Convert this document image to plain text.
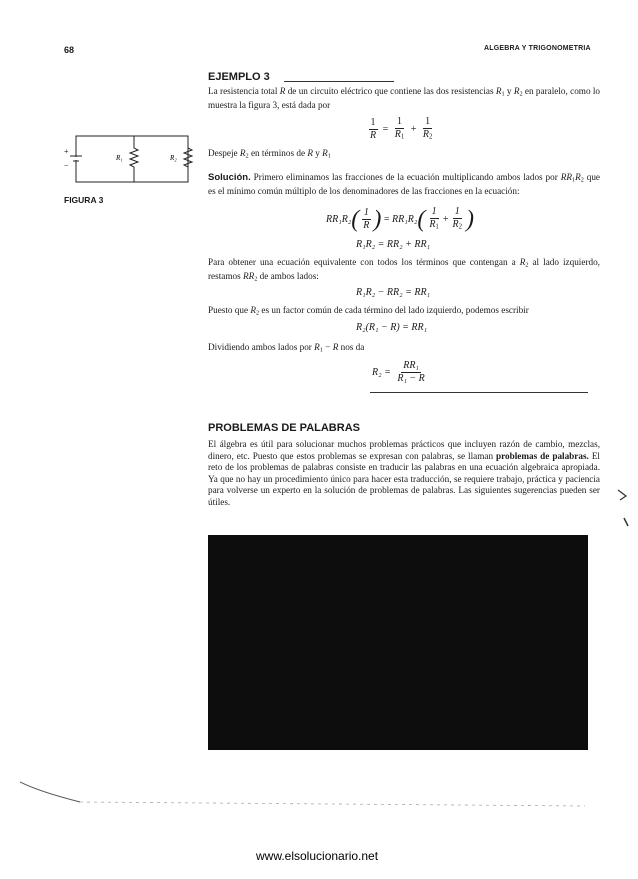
68	ALGEBRA Y TRIGONOMETRIA
EJEMPLO 3

La resistencia total R de un circuito eléctrico que contiene las dos resistencias $R_1$ y $R_2$ en paralelo, como lo muestra la figura 3, está dada por

$\frac{1}{R} = \frac{1}{R_1} + \frac{1}{R_2}$

Despeje $R_2$ en términos de R y $R_1$

+
−
R₁	R₂
FIGURA 3

Solución. Primero eliminamos las fracciones de la ecuación multiplicando ambos lados por $RR_1R_2$ que es el mínimo común múltiplo de los denominadores de las fracciones en la ecuación:

$RR_1R_2( \frac{1}{R}$ ) = $RR_1R_2( \frac{1}{R_1} + \frac{1}{R_2}$ )
R₁R₂ = RR₂ + RR₁

Para obtener una ecuación equivalente con todos los términos que contengan a $R_2$ al lado izquierdo, restamos $RR_2$ de ambos lados:

R₁R₂ − RR₂ = RR₁

Puesto que $R_2$ es un factor común de cada término del lado izquierdo, podemos escribir

R₂(R₁ − R) = RR₁

Dividiendo ambos lados por $R_1 - R$ nos da

$R_2 = \frac{\text{RR₁}}{\text{R₁ − R}}$
PROBLEMAS DE PALABRAS

El álgebra es útil para solucionar muchos problemas prácticos que incluyen razón de cambio, mezclas, dinero, etc. Puesto que estos problemas se expresan con palabras, se llaman problemas de palabras. El reto de los problemas de palabras consiste en traducir las palabras en una ecuación algebraica apropiada. Ya que no hay un procedimiento único para hacer esta traducción, se requiere trabajo, práctica y paciencia para volverse un experto en la solución de problemas de palabras. Las siguientes sugerencias pueden ser útiles.

www.elsolucionario.net
